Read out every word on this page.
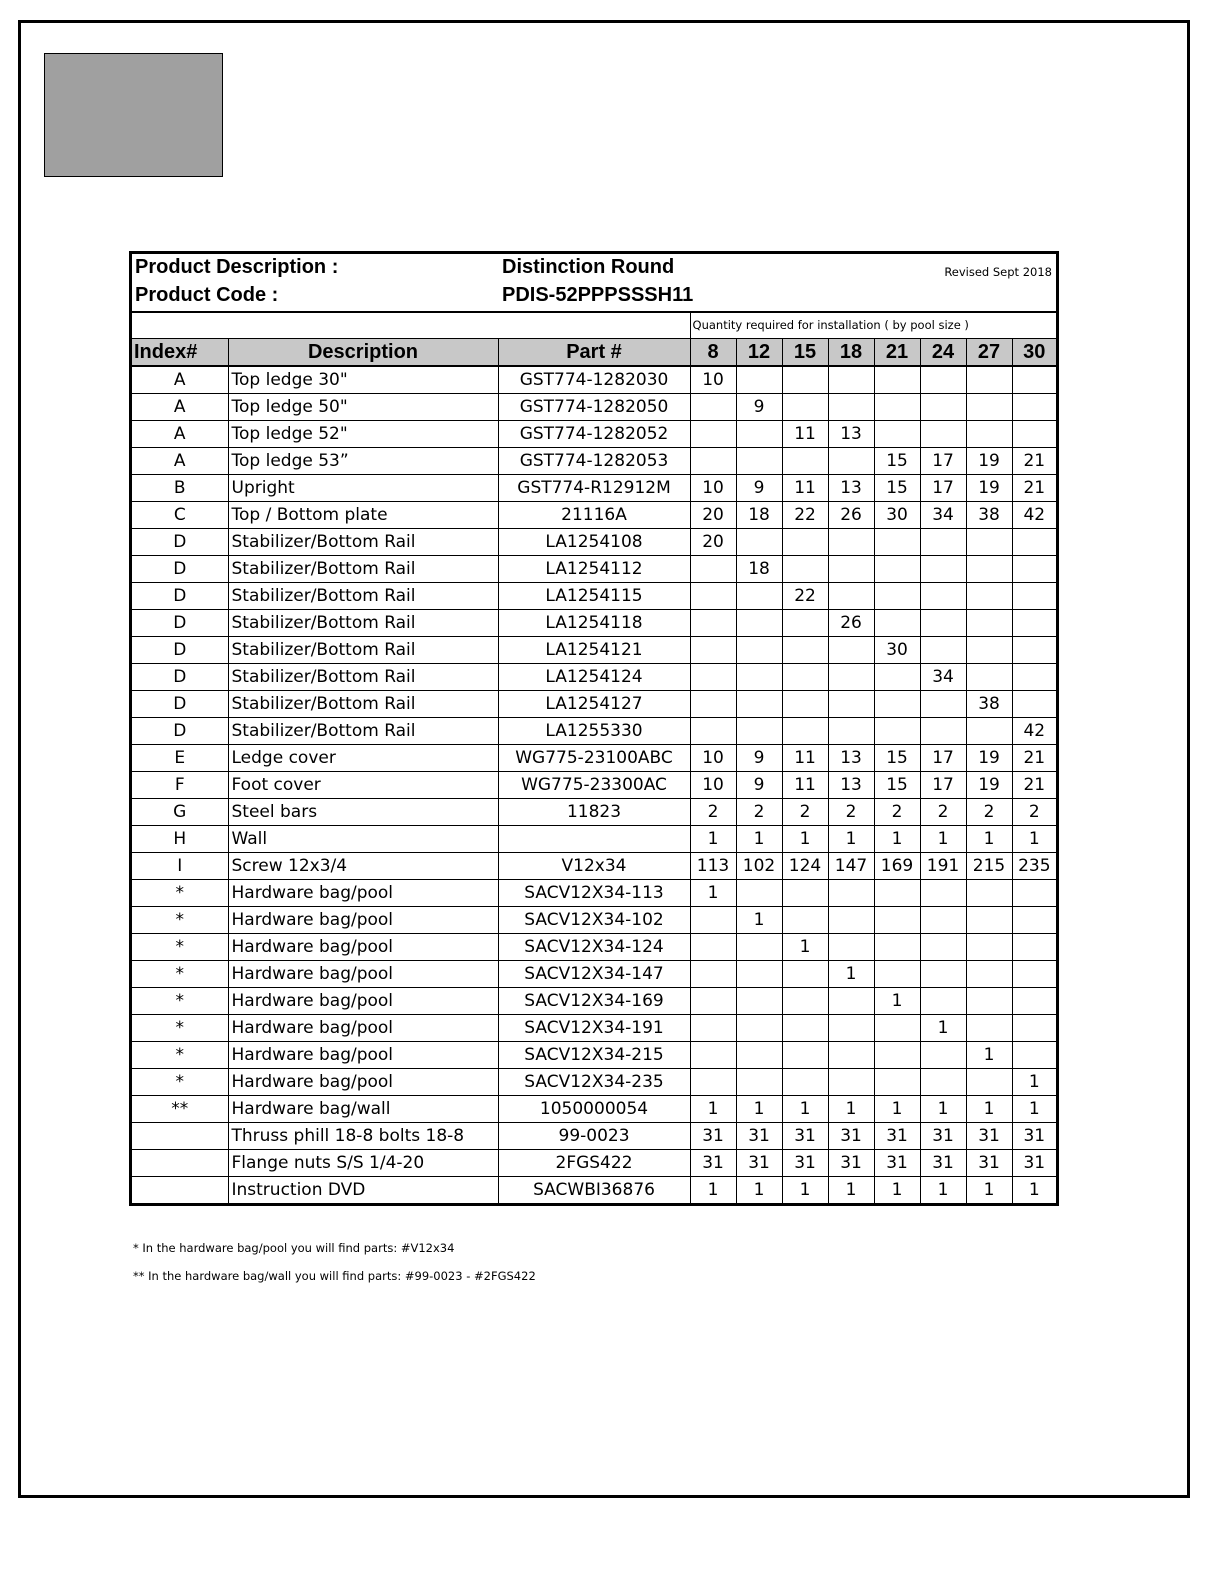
Product Description :	Distinction Round
Product Code :	PDIS-52PPPSSSH11
Revised Sept 2018
			Quantity required for installation ( by pool size )							
Index#	Description	Part #	8	12	15	18	21	24	27	30
A	Top ledge 30"	GST774-1282030	10							
A	Top ledge 50"	GST774-1282050		9						
A	Top ledge 52"	GST774-1282052			11	13				
A	Top ledge 53”	GST774-1282053					15	17	19	21
B	Upright	GST774-R12912M	10	9	11	13	15	17	19	21
C	Top / Bottom plate	21116A	20	18	22	26	30	34	38	42
D	Stabilizer/Bottom Rail	LA1254108	20							
D	Stabilizer/Bottom Rail	LA1254112		18						
D	Stabilizer/Bottom Rail	LA1254115			22					
D	Stabilizer/Bottom Rail	LA1254118				26				
D	Stabilizer/Bottom Rail	LA1254121					30			
D	Stabilizer/Bottom Rail	LA1254124						34		
D	Stabilizer/Bottom Rail	LA1254127							38	
D	Stabilizer/Bottom Rail	LA1255330								42
E	Ledge cover	WG775-23100ABC	10	9	11	13	15	17	19	21
F	Foot cover	WG775-23300AC	10	9	11	13	15	17	19	21
G	Steel bars	11823	2	2	2	2	2	2	2	2
H	Wall		1	1	1	1	1	1	1	1
I	Screw 12x3/4	V12x34	113	102	124	147	169	191	215	235
*	Hardware bag/pool	SACV12X34-113	1							
*	Hardware bag/pool	SACV12X34-102		1						
*	Hardware bag/pool	SACV12X34-124			1					
*	Hardware bag/pool	SACV12X34-147				1				
*	Hardware bag/pool	SACV12X34-169					1			
*	Hardware bag/pool	SACV12X34-191						1		
*	Hardware bag/pool	SACV12X34-215							1	
*	Hardware bag/pool	SACV12X34-235								1
**	Hardware bag/wall	1050000054	1	1	1	1	1	1	1	1
	Thruss phill 18-8 bolts 18-8	99-0023	31	31	31	31	31	31	31	31
	Flange nuts S/S 1/4-20	2FGS422	31	31	31	31	31	31	31	31
	Instruction DVD	SACWBI36876	1	1	1	1	1	1	1	1
* In the hardware bag/pool you will find parts: #V12x34
** In the hardware bag/wall you will find parts: #99-0023 - #2FGS422
